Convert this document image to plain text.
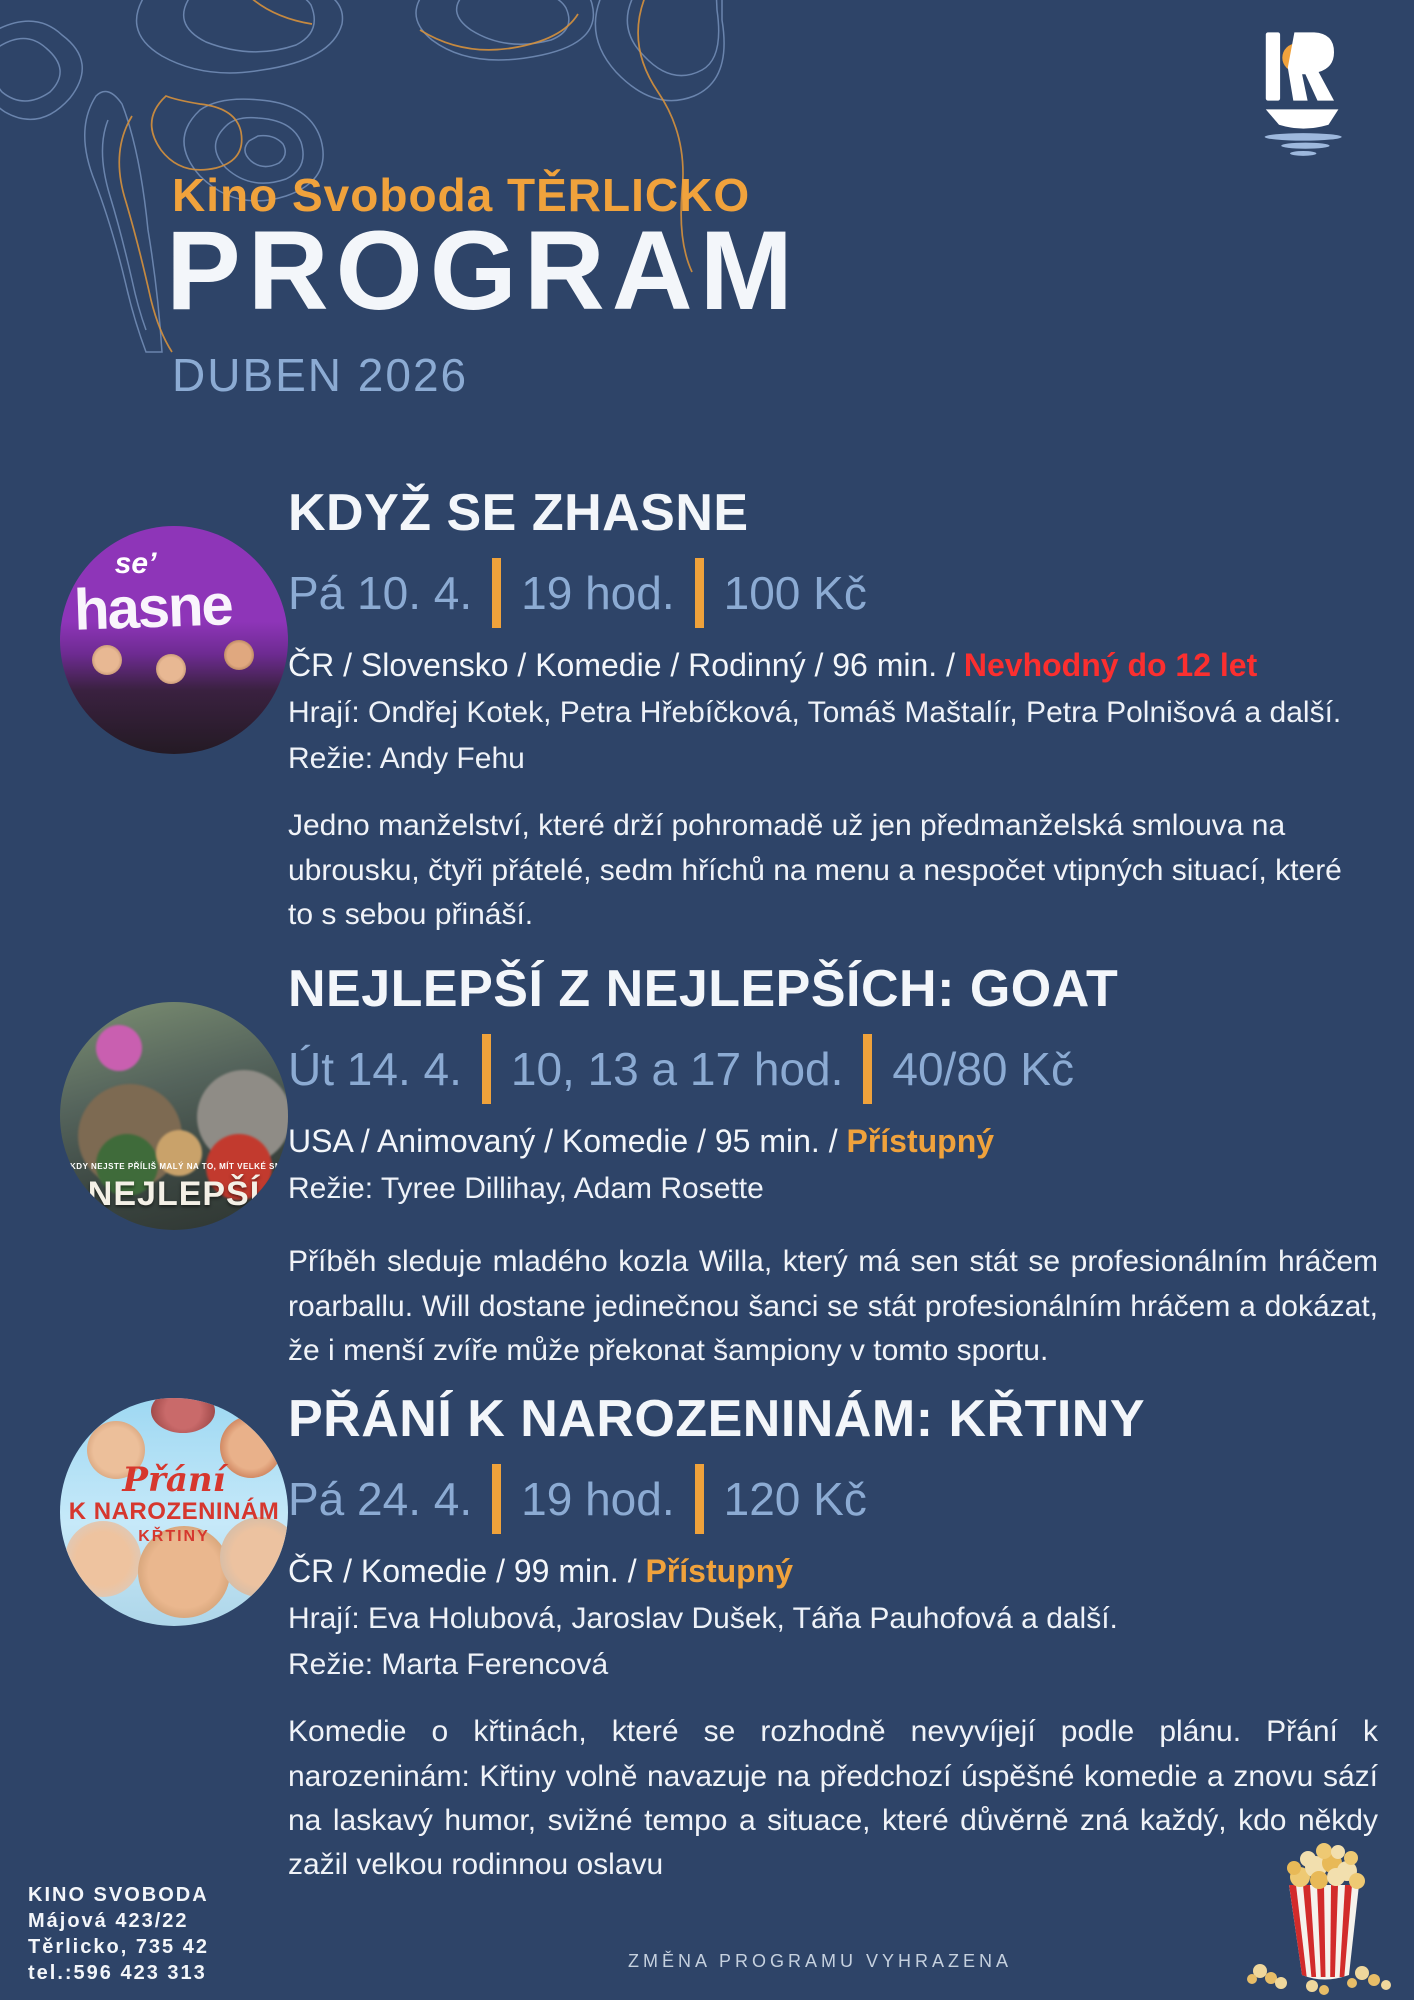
Kino Svoboda TĚRLICKO
PROGRAM
DUBEN 2026
se’
hasne
KDYŽ SE ZHASNE
Pá 10. 4. 19 hod. 100 Kč
ČR / Slovensko / Komedie / Rodinný / 96 min. / Nevhodný do 12 let
Hrají: Ondřej Kotek, Petra Hřebíčková, Tomáš Maštalír, Petra Polnišová a další.
Režie: Andy Fehu
Jedno manželství, které drží pohromadě už jen předmanželská smlouva na ubrousku, čtyři přátelé, sedm hříchů na menu a nespočet vtipných situací, které to s sebou přináší.
NIKDY NEJSTE PŘÍLIŠ MALÝ NA TO, MÍT VELKÉ SNY
NEJLEPŠÍ
NEJLEPŠÍ Z NEJLEPŠÍCH: GOAT
Út 14. 4. 10, 13 a 17 hod. 40/80 Kč
USA / Animovaný / Komedie / 95 min. / Přístupný
Režie: Tyree Dillihay, Adam Rosette
Příběh sleduje mladého kozla Willa, který má sen stát se profesionálním hráčem roarballu. Will dostane jedinečnou šanci se stát profesionálním hráčem a dokázat, že i menší zvíře může překonat šampiony v tomto sportu.
Přání
K NAROZENINÁM
KŘTINY
PŘÁNÍ K NAROZENINÁM: KŘTINY
Pá 24. 4. 19 hod. 120 Kč
ČR / Komedie / 99 min. / Přístupný
Hrají: Eva Holubová, Jaroslav Dušek, Táňa Pauhofová a další.
Režie: Marta Ferencová
Komedie o křtinách, které se rozhodně nevyvíjejí podle plánu. Přání k narozeninám: Křtiny volně navazuje na předchozí úspěšné komedie a znovu sází na laskavý humor, svižné tempo a situace, které důvěrně zná každý, kdo někdy zažil velkou rodinnou oslavu
KINO SVOBODA
Májová 423/22
Těrlicko, 735 42
tel.:596 423 313
ZMĚNA PROGRAMU VYHRAZENA
